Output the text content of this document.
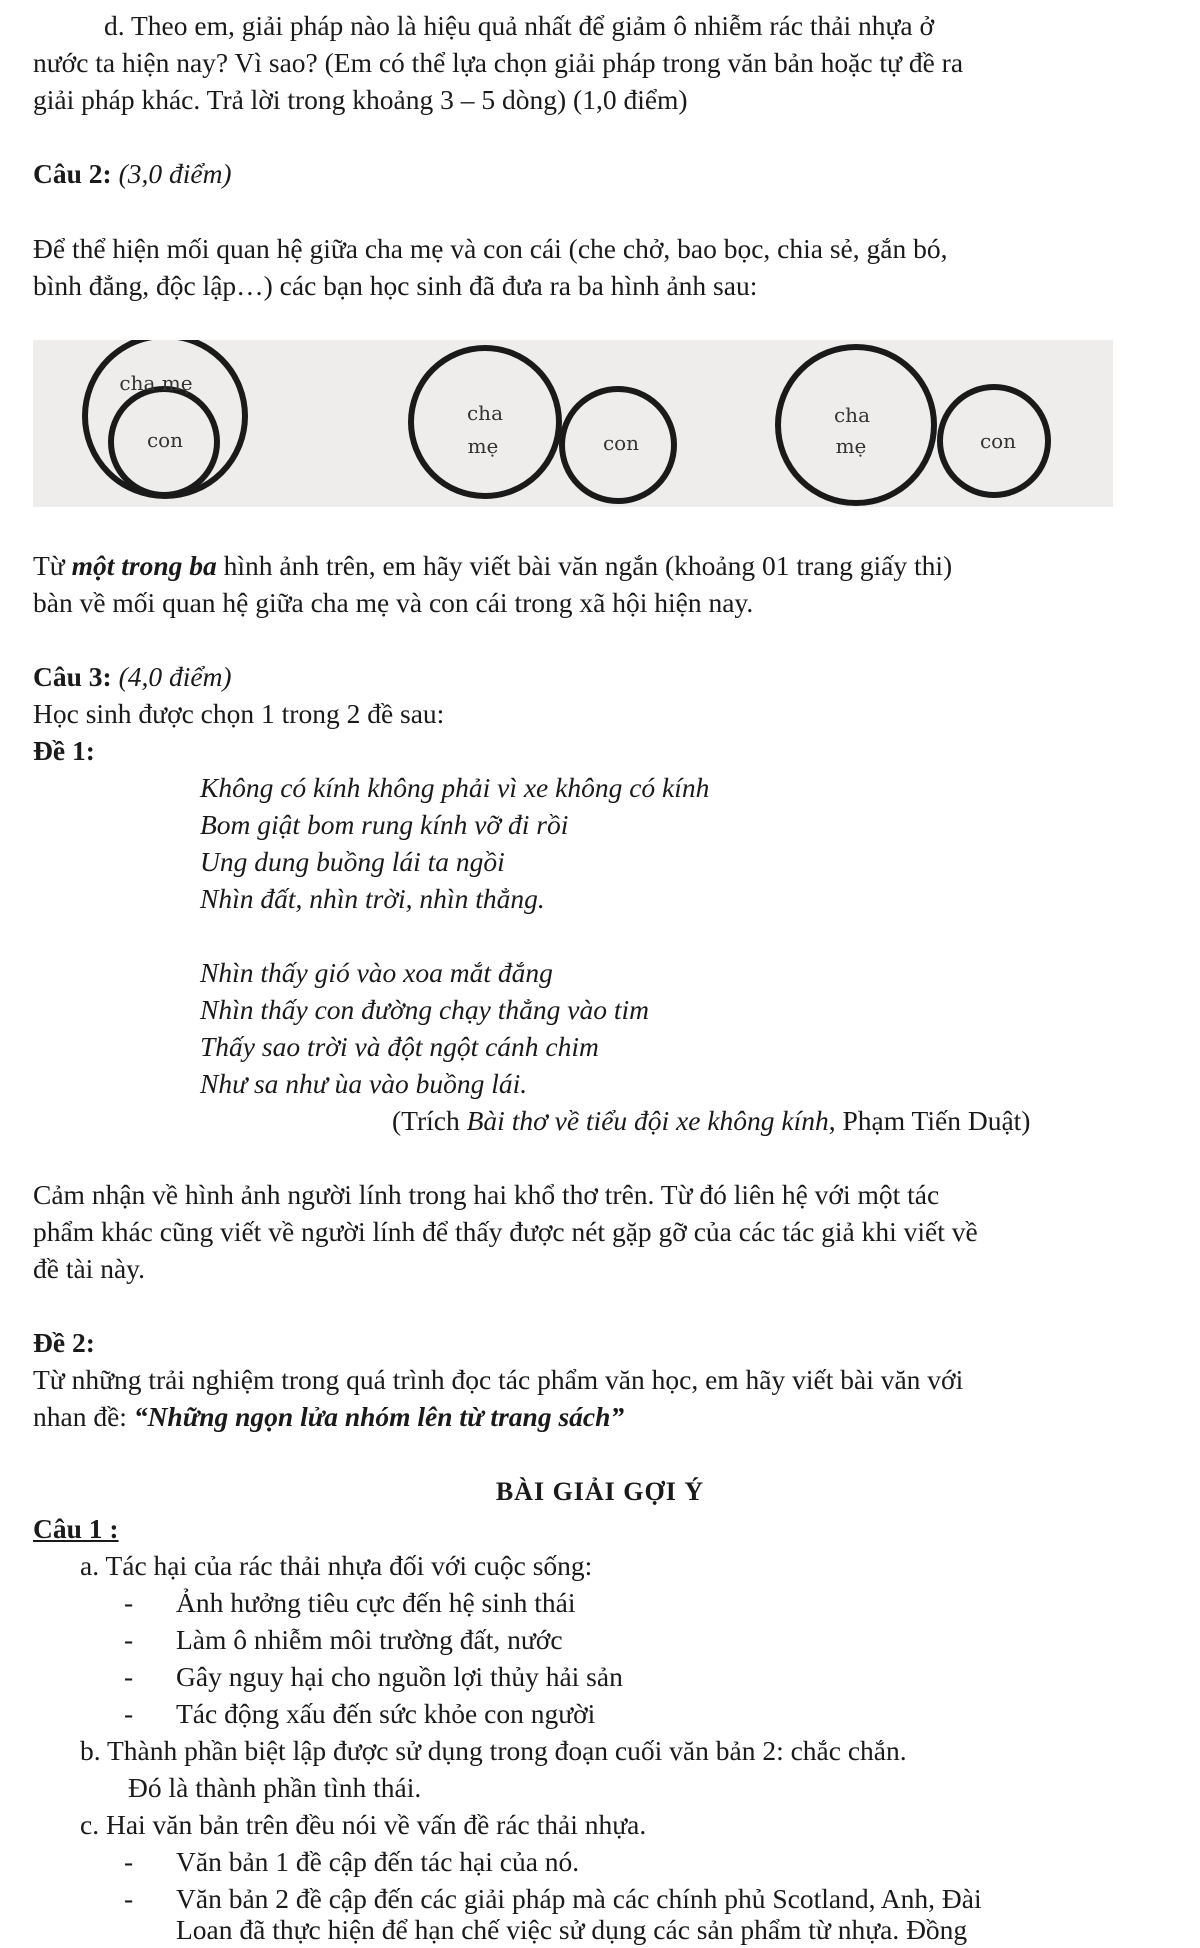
d. Theo em, giải pháp nào là hiệu quả nhất để giảm ô nhiễm rác thải nhựa ở
nước ta hiện nay? Vì sao? (Em có thể lựa chọn giải pháp trong văn bản hoặc tự đề ra
giải pháp khác. Trả lời trong khoảng 3 – 5 dòng) (1,0 điểm)
Câu 2: (3,0 điểm)
Để thể hiện mối quan hệ giữa cha mẹ và con cái (che chở, bao bọc, chia sẻ, gắn bó,
bình đẳng, độc lập…) các bạn học sinh đã đưa ra ba hình ảnh sau:
cha mẹ
con
cha
mẹ	con
cha
mẹ	con
Từ một trong ba hình ảnh trên, em hãy viết bài văn ngắn (khoảng 01 trang giấy thi)
bàn về mối quan hệ giữa cha mẹ và con cái trong xã hội hiện nay.
Câu 3: (4,0 điểm)
Học sinh được chọn 1 trong 2 đề sau:
Đề 1:
Không có kính không phải vì xe không có kính
Bom giật bom rung kính vỡ đi rồi
Ung dung buồng lái ta ngồi
Nhìn đất, nhìn trời, nhìn thẳng.
Nhìn thấy gió vào xoa mắt đắng
Nhìn thấy con đường chạy thẳng vào tim
Thấy sao trời và đột ngột cánh chim
Như sa như ùa vào buồng lái.
(Trích Bài thơ về tiểu đội xe không kính, Phạm Tiến Duật)
Cảm nhận về hình ảnh người lính trong hai khổ thơ trên. Từ đó liên hệ với một tác
phẩm khác cũng viết về người lính để thấy được nét gặp gỡ của các tác giả khi viết về
đề tài này.
Đề 2:
Từ những trải nghiệm trong quá trình đọc tác phẩm văn học, em hãy viết bài văn với
nhan đề: “Những ngọn lửa nhóm lên từ trang sách”
BÀI GIẢI GỢI Ý
Câu 1 :
a. Tác hại của rác thải nhựa đối với cuộc sống:
- Ảnh hưởng tiêu cực đến hệ sinh thái
- Làm ô nhiễm môi trường đất, nước
- Gây nguy hại cho nguồn lợi thủy hải sản
- Tác động xấu đến sức khỏe con người
b. Thành phần biệt lập được sử dụng trong đoạn cuối văn bản 2: chắc chắn.
Đó là thành phần tình thái.
c. Hai văn bản trên đều nói về vấn đề rác thải nhựa.
- Văn bản 1 đề cập đến tác hại của nó.
- Văn bản 2 đề cập đến các giải pháp mà các chính phủ Scotland, Anh, Đài
Loan đã thực hiện để hạn chế việc sử dụng các sản phẩm từ nhựa. Đồng
